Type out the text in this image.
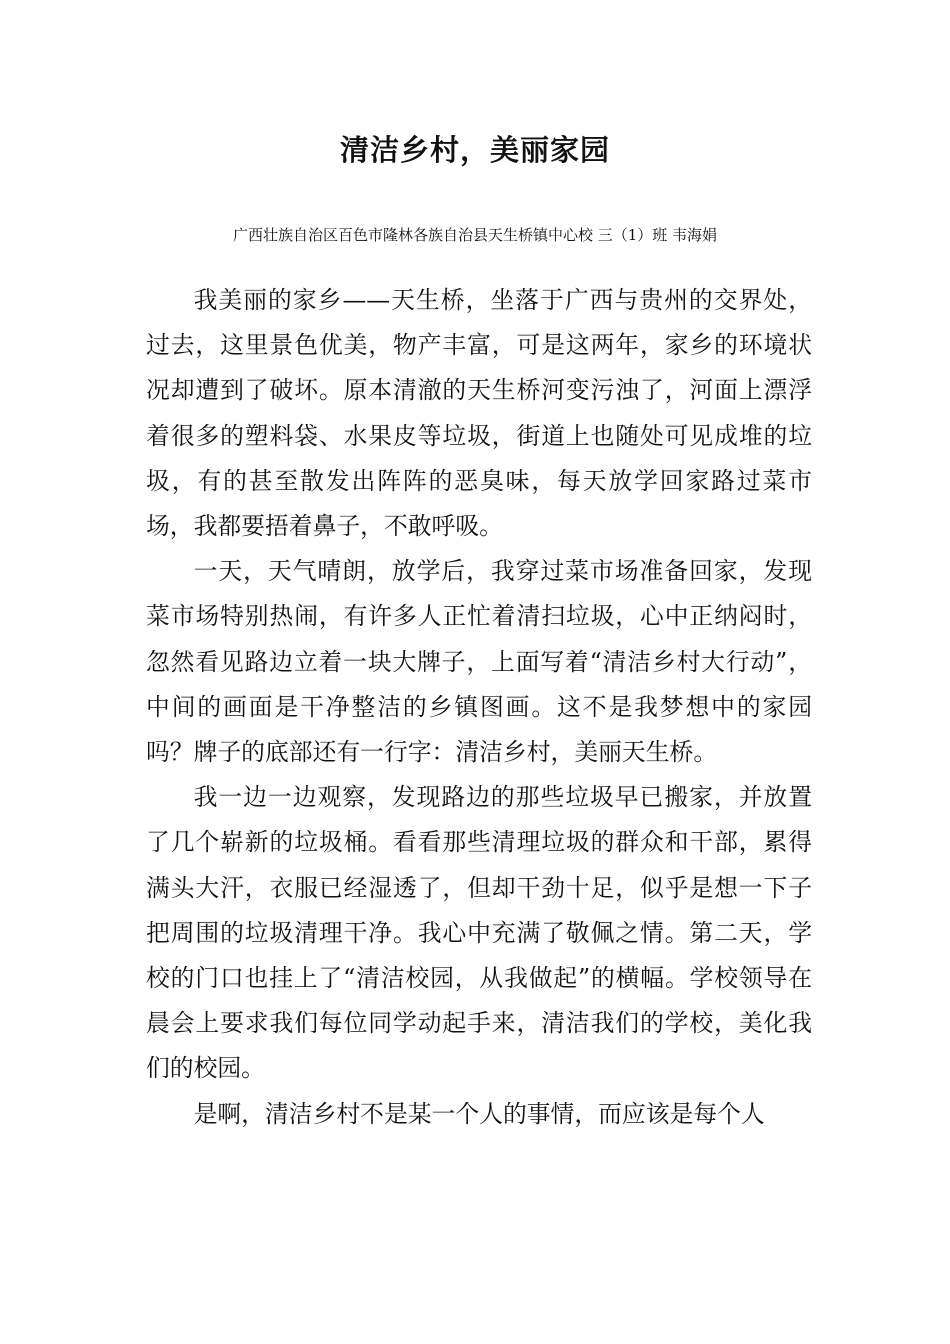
清洁乡村，美丽家园

广西壮族自治区百色市隆林各族自治县天生桥镇中心校 三（1）班 韦海娟

我美丽的家乡——天生桥，坐落于广西与贵州的交界处，过去，这里景色优美，物产丰富，可是这两年，家乡的环境状况却遭到了破坏。原本清澈的天生桥河变污浊了，河面上漂浮着很多的塑料袋、水果皮等垃圾，街道上也随处可见成堆的垃圾，有的甚至散发出阵阵的恶臭味，每天放学回家路过菜市场，我都要捂着鼻子，不敢呼吸。

一天，天气晴朗，放学后，我穿过菜市场准备回家，发现菜市场特别热闹，有许多人正忙着清扫垃圾，心中正纳闷时，忽然看见路边立着一块大牌子，上面写着“清洁乡村大行动”，中间的画面是干净整洁的乡镇图画。这不是我梦想中的家园吗？牌子的底部还有一行字：清洁乡村，美丽天生桥。

我一边一边观察，发现路边的那些垃圾早已搬家，并放置了几个崭新的垃圾桶。看看那些清理垃圾的群众和干部，累得满头大汗，衣服已经湿透了，但却干劲十足，似乎是想一下子把周围的垃圾清理干净。我心中充满了敬佩之情。第二天，学校的门口也挂上了“清洁校园，从我做起”的横幅。学校领导在晨会上要求我们每位同学动起手来，清洁我们的学校，美化我们的校园。

是啊，清洁乡村不是某一个人的事情，而应该是每个人
